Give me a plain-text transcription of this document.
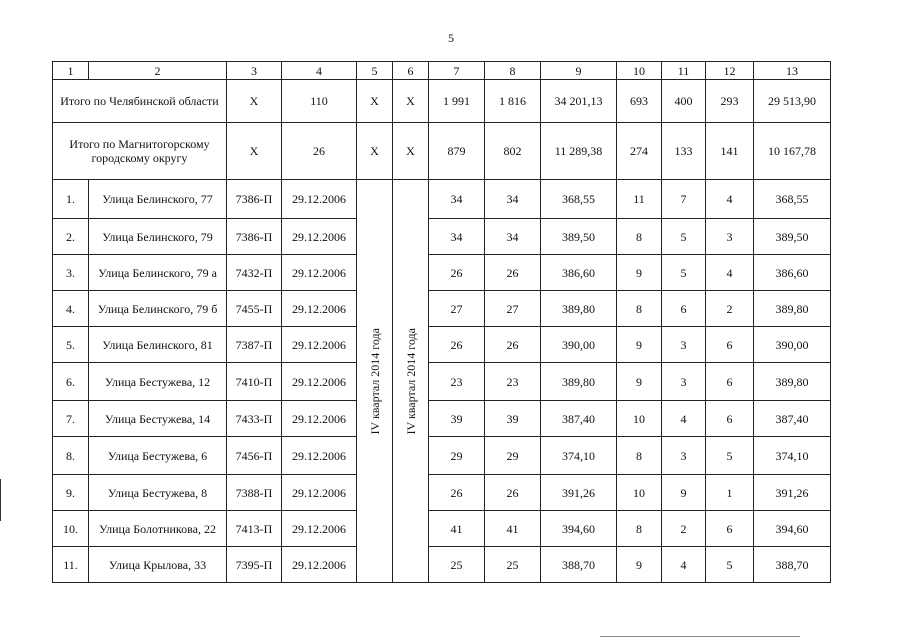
5
1	2	3	4	5	6	7	8	9	10	11	12	13
Итого по Челябинской области		Х	110	Х	Х	1 991	1 816	34 201,13	693	400	293	29 513,90
Итого по Магнитогорскому городскому округу		Х	26	Х	Х	879	802	11 289,38	274	133	141	10 167,78
1.	Улица Белинского, 77	7386-П	29.12.2006	IV квартал 2014 года	IV квартал 2014 года	34	34	368,55	11	7	4	368,55
2.	Улица Белинского, 79	7386-П	29.12.2006			34	34	389,50	8	5	3	389,50
3.	Улица Белинского, 79 а	7432-П	29.12.2006			26	26	386,60	9	5	4	386,60
4.	Улица Белинского, 79 б	7455-П	29.12.2006			27	27	389,80	8	6	2	389,80
5.	Улица Белинского, 81	7387-П	29.12.2006			26	26	390,00	9	3	6	390,00
6.	Улица Бестужева, 12	7410-П	29.12.2006			23	23	389,80	9	3	6	389,80
7.	Улица Бестужева, 14	7433-П	29.12.2006			39	39	387,40	10	4	6	387,40
8.	Улица Бестужева, 6	7456-П	29.12.2006			29	29	374,10	8	3	5	374,10
9.	Улица Бестужева, 8	7388-П	29.12.2006			26	26	391,26	10	9	1	391,26
10.	Улица Болотникова, 22	7413-П	29.12.2006			41	41	394,60	8	2	6	394,60
11.	Улица Крылова, 33	7395-П	29.12.2006			25	25	388,70	9	4	5	388,70
